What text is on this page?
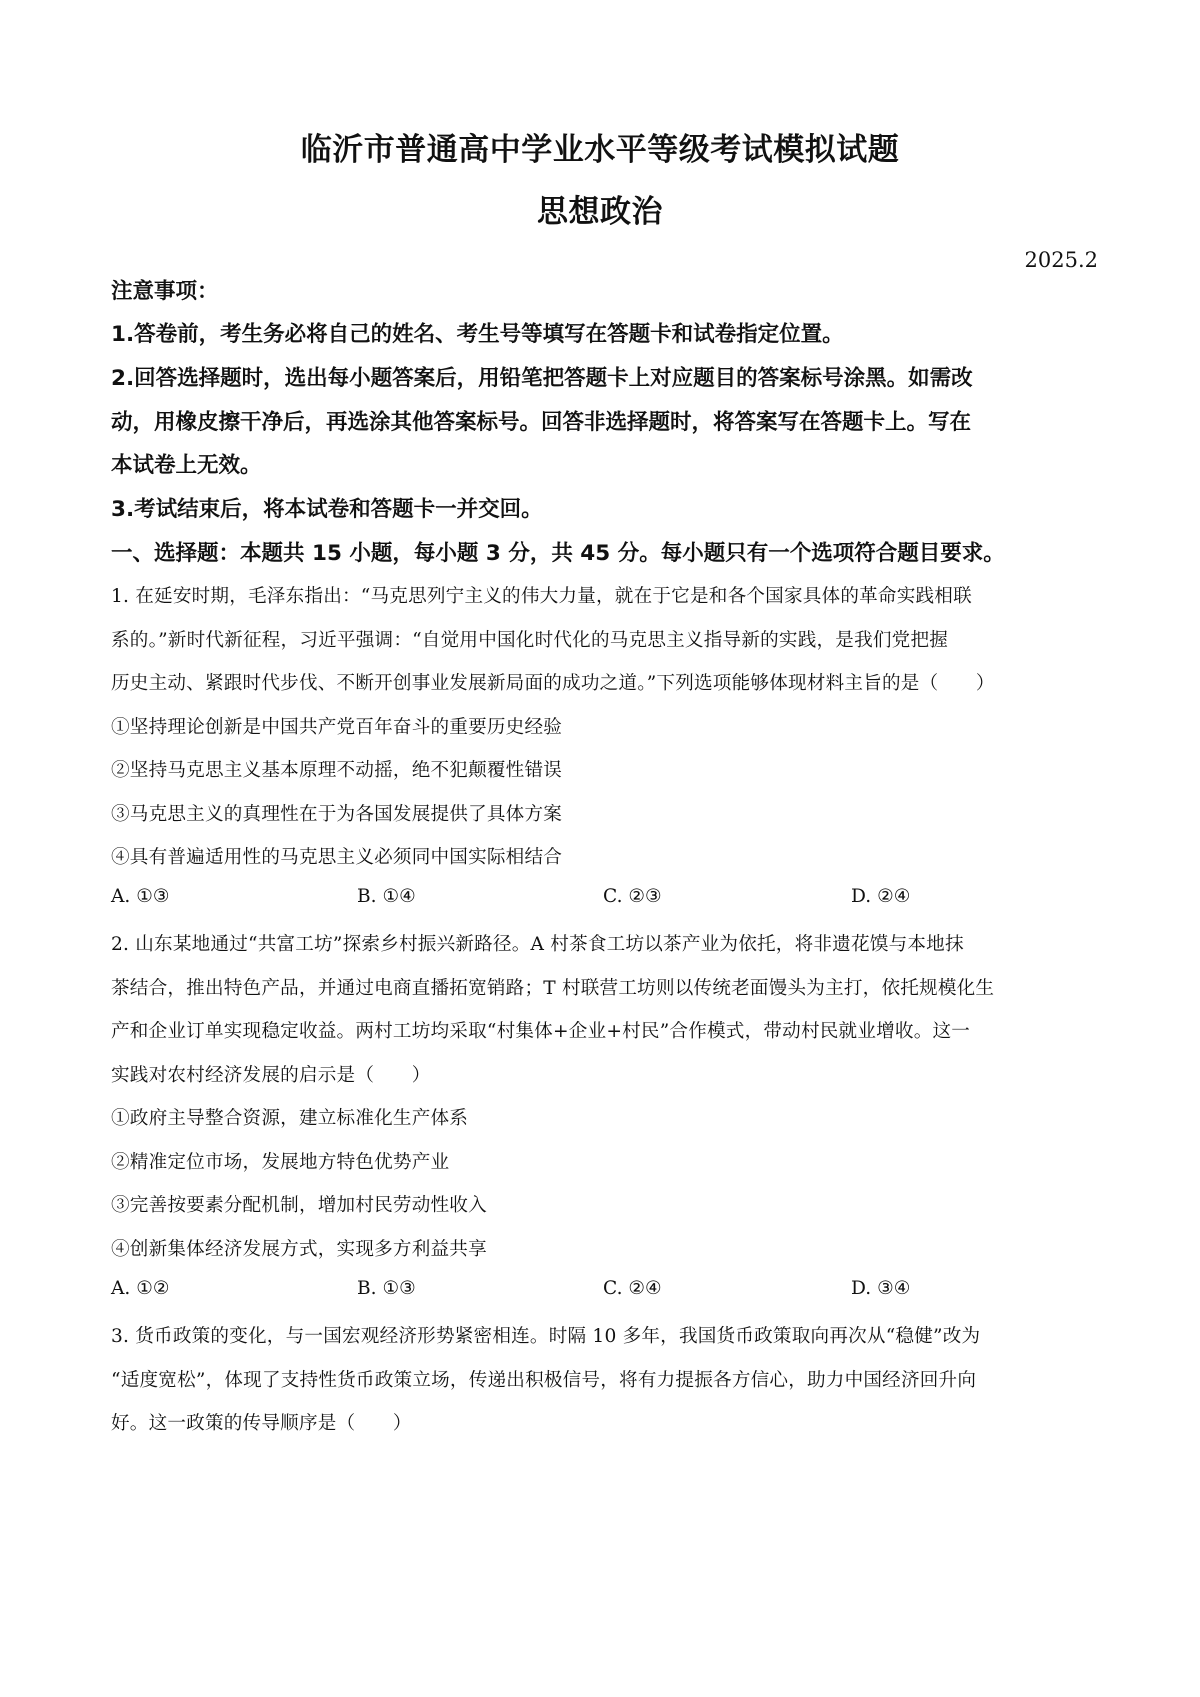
临沂市普通高中学业水平等级考试模拟试题
思想政治
2025.2
注意事项：
1.答卷前，考生务必将自己的姓名、考生号等填写在答题卡和试卷指定位置。
2.回答选择题时，选出每小题答案后，用铅笔把答题卡上对应题目的答案标号涂黑。如需改
动，用橡皮擦干净后，再选涂其他答案标号。回答非选择题时，将答案写在答题卡上。写在
本试卷上无效。
3.考试结束后，将本试卷和答题卡一并交回。
一、选择题：本题共 15 小题，每小题 3 分，共 45 分。每小题只有一个选项符合题目要求。
1. 在延安时期，毛泽东指出：“马克思列宁主义的伟大力量，就在于它是和各个国家具体的革命实践相联
系的。”新时代新征程，习近平强调：“自觉用中国化时代化的马克思主义指导新的实践，是我们党把握
历史主动、紧跟时代步伐、不断开创事业发展新局面的成功之道。”下列选项能够体现材料主旨的是（　　）
①坚持理论创新是中国共产党百年奋斗的重要历史经验
②坚持马克思主义基本原理不动摇，绝不犯颠覆性错误
③马克思主义的真理性在于为各国发展提供了具体方案
④具有普遍适用性的马克思主义必须同中国实际相结合
A. ①③	B. ①④	C. ②③	D. ②④
2. 山东某地通过“共富工坊”探索乡村振兴新路径。A 村茶食工坊以茶产业为依托，将非遗花馍与本地抹
茶结合，推出特色产品，并通过电商直播拓宽销路；T 村联营工坊则以传统老面馒头为主打，依托规模化生
产和企业订单实现稳定收益。两村工坊均采取“村集体+企业+村民”合作模式，带动村民就业增收。这一
实践对农村经济发展的启示是（　　）
①政府主导整合资源，建立标准化生产体系
②精准定位市场，发展地方特色优势产业
③完善按要素分配机制，增加村民劳动性收入
④创新集体经济发展方式，实现多方利益共享
A. ①②	B. ①③	C. ②④	D. ③④
3. 货币政策的变化，与一国宏观经济形势紧密相连。时隔 10 多年，我国货币政策取向再次从“稳健”改为
“适度宽松”，体现了支持性货币政策立场，传递出积极信号，将有力提振各方信心，助力中国经济回升向
好。这一政策的传导顺序是（　　）
